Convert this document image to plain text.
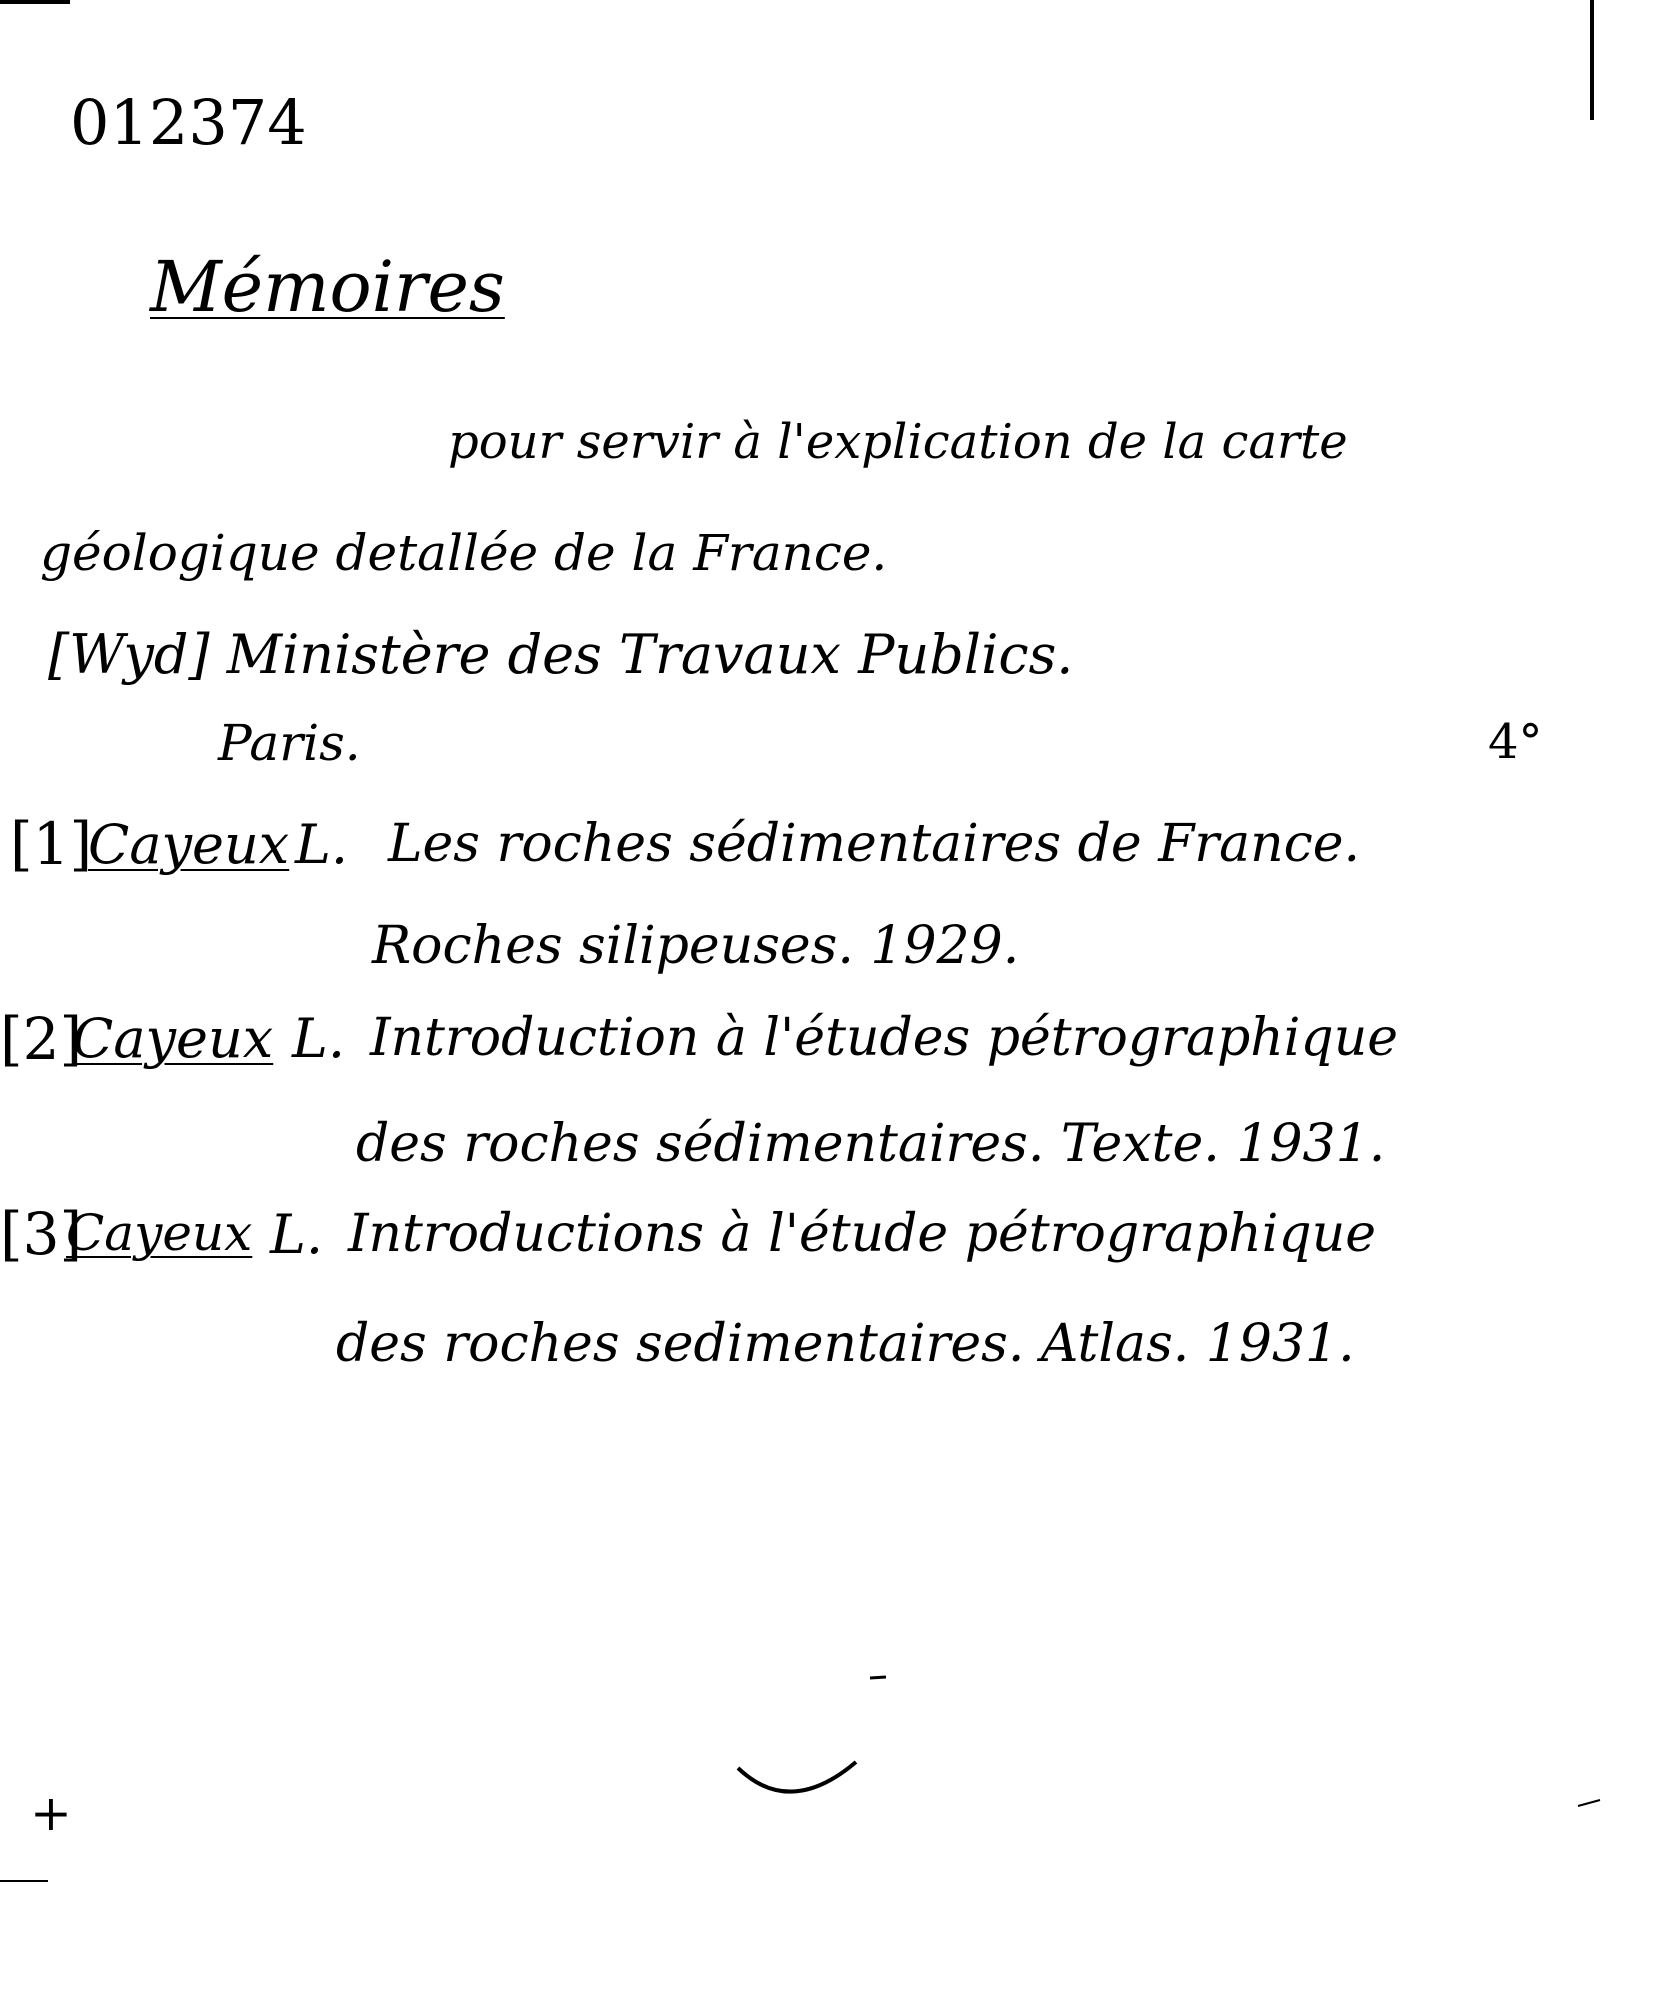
012374
Mémoires
pour servir à l'explication de la carte
géologique detallée de la France.
[Wyd] Ministère des Travaux Publics.
Paris.	4°
[1]
Cayeux L. Les roches sédimentaires de France.
Roches silipeuses. 1929.
[2]
Cayeux L. Introduction à l'études pétrographique
des roches sédimentaires. Texte. 1931.
[3]
Cayeux L. Introductions à l'étude pétrographique
des roches sedimentaires. Atlas. 1931.
+
